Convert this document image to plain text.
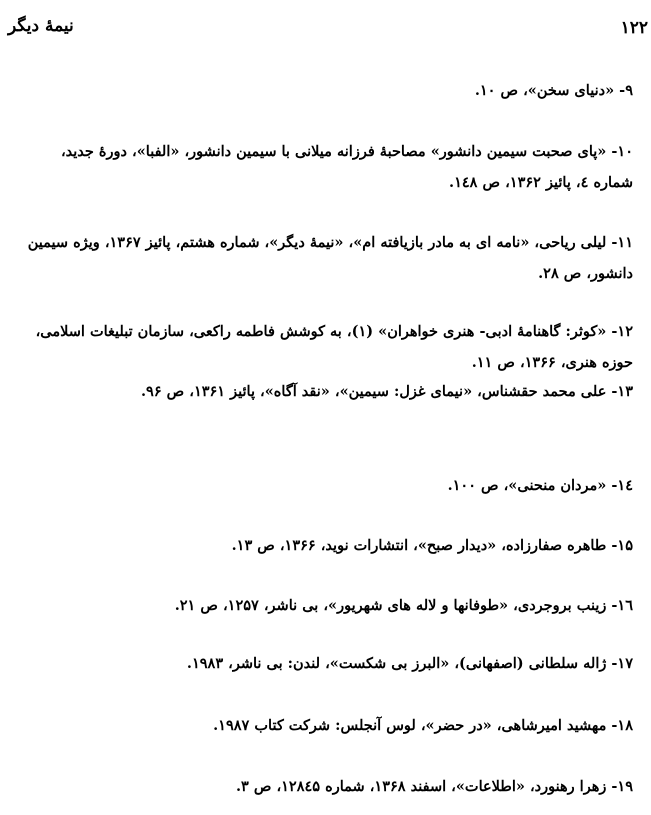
۱۲۲
نیمهٔ دیگر
۹- «دنیای سخن»، ص ۱۰.
۱۰- «پای صحبت سیمین دانشور» مصاحبهٔ فرزانه میلانی با سیمین دانشور، «الفبا»، دورهٔ جدید، شماره ٤، پائیز ۱۳۶۲، ص ۱٤۸.
۱۱- لیلی ریاحی، «نامه ای به مادر بازیافته ام»، «نیمهٔ دیگر»، شماره هشتم، پائیز ۱۳۶۷، ویژه سیمین دانشور، ص ۲۸.
۱۲- «کوثر: گاهنامهٔ ادبی- هنری خواهران» (۱)، به کوشش فاطمه راکعی، سازمان تبلیغات اسلامی، حوزه هنری، ۱۳۶۶، ص ۱۱.
۱۳- علی محمد حقشناس، «نیمای غزل: سیمین»، «نقد آگاه»، پائیز ۱۳۶۱، ص ۹۶.
۱٤- «مردان منحنی»، ص ۱۰۰.
۱۵- طاهره صفارزاده، «دیدار صبح»، انتشارات نوید، ۱۳۶۶، ص ۱۳.
۱٦- زینب بروجردی، «طوفانها و لاله های شهریور»، بی ناشر، ۱۲۵۷، ص ۲۱.
۱۷- ژاله سلطانی (اصفهانی)، «البرز بی شکست»، لندن: بی ناشر، ۱۹۸۳.
۱۸- مهشید امیرشاهی، «در حضر»، لوس آنجلس: شرکت کتاب ۱۹۸۷.
۱۹- زهرا رهنورد، «اطلاعات»، اسفند ۱۳۶۸، شماره ۱۲۸٤۵، ص ۳.
